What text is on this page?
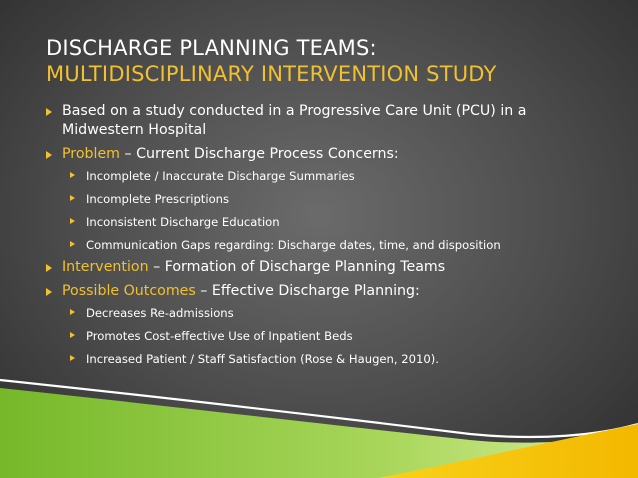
DISCHARGE PLANNING TEAMS:
MULTIDISCIPLINARY INTERVENTION STUDY
Based on a study conducted in a Progressive Care Unit (PCU) in a Midwestern Hospital
Problem – Current Discharge Process Concerns:
Incomplete / Inaccurate Discharge Summaries
Incomplete Prescriptions
Inconsistent Discharge Education
Communication Gaps regarding: Discharge dates, time, and disposition
Intervention – Formation of Discharge Planning Teams
Possible Outcomes – Effective Discharge Planning:
Decreases Re-admissions
Promotes Cost-effective Use of Inpatient Beds
Increased Patient / Staff Satisfaction (Rose & Haugen, 2010).
